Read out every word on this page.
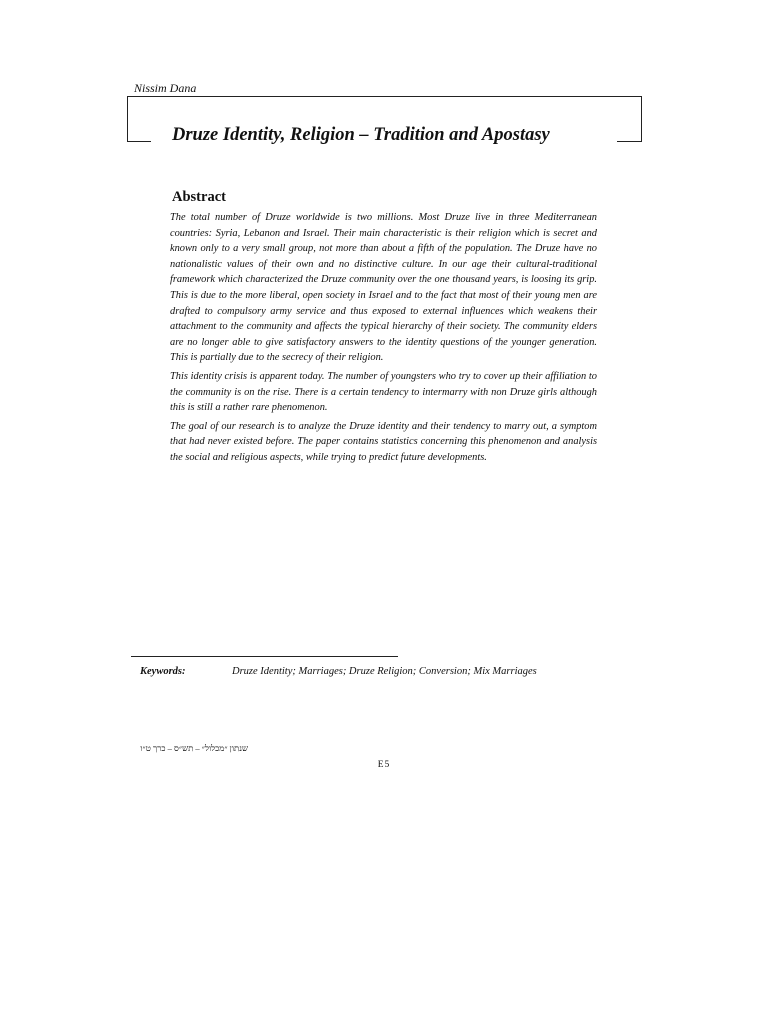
Nissim Dana
Druze Identity, Religion – Tradition and Apostasy
Abstract

The total number of Druze worldwide is two millions. Most Druze live in three Mediterranean countries: Syria, Lebanon and Israel. Their main characteristic is their religion which is secret and known only to a very small group, not more than about a fifth of the population. The Druze have no nationalistic values of their own and no distinctive culture. In our age their cultural-traditional framework which characterized the Druze community over the one thousand years, is loosing its grip. This is due to the more liberal, open society in Israel and to the fact that most of their young men are drafted to compulsory army service and thus exposed to external influences which weakens their attachment to the community and affects the typical hierarchy of their society. The community elders are no longer able to give satisfactory answers to the identity questions of the younger generation. This is partially due to the secrecy of their religion.

This identity crisis is apparent today. The number of youngsters who try to cover up their affiliation to the community is on the rise. There is a certain tendency to intermarry with non Druze girls although this is still a rather rare phenomenon.

The goal of our research is to analyze the Druze identity and their tendency to marry out, a symptom that had never existed before. The paper contains statistics concerning this phenomenon and analysis the social and religious aspects, while trying to predict future developments.

Keywords:	Druze Identity; Marriages; Druze Religion; Conversion; Mix Marriages
שנתון ״מכלול״ – תש״ס – כרך ט״ו
E5
